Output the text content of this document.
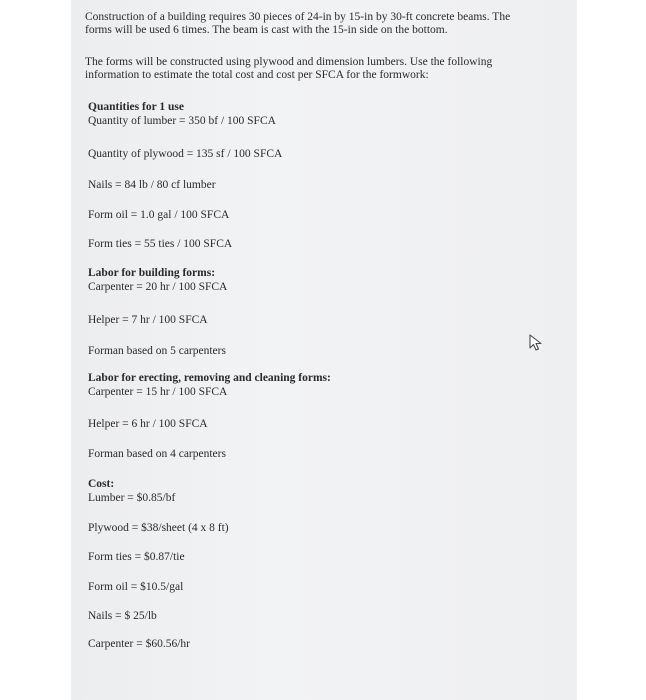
Construction of a building requires 30 pieces of 24-in by 15-in by 30-ft concrete beams. The

forms will be used 6 times. The beam is cast with the 15-in side on the bottom.

The forms will be constructed using plywood and dimension lumbers. Use the following

information to estimate the total cost and cost per SFCA for the formwork:

Quantities for 1 use
Quantity of lumber = 350 bf / 100 SFCA
Quantity of plywood = 135 sf / 100 SFCA
Nails = 84 lb / 80 cf lumber
Form oil = 1.0 gal / 100 SFCA
Form ties = 55 ties / 100 SFCA
Labor for building forms:
Carpenter = 20 hr / 100 SFCA
Helper = 7 hr / 100 SFCA
Forman based on 5 carpenters
Labor for erecting, removing and cleaning forms:
Carpenter = 15 hr / 100 SFCA
Helper = 6 hr / 100 SFCA
Forman based on 4 carpenters
Cost:
Lumber = $0.85/bf
Plywood = $38/sheet (4 x 8 ft)
Form ties = $0.87/tie
Form oil = $10.5/gal
Nails = $ 25/lb
Carpenter = $60.56/hr
